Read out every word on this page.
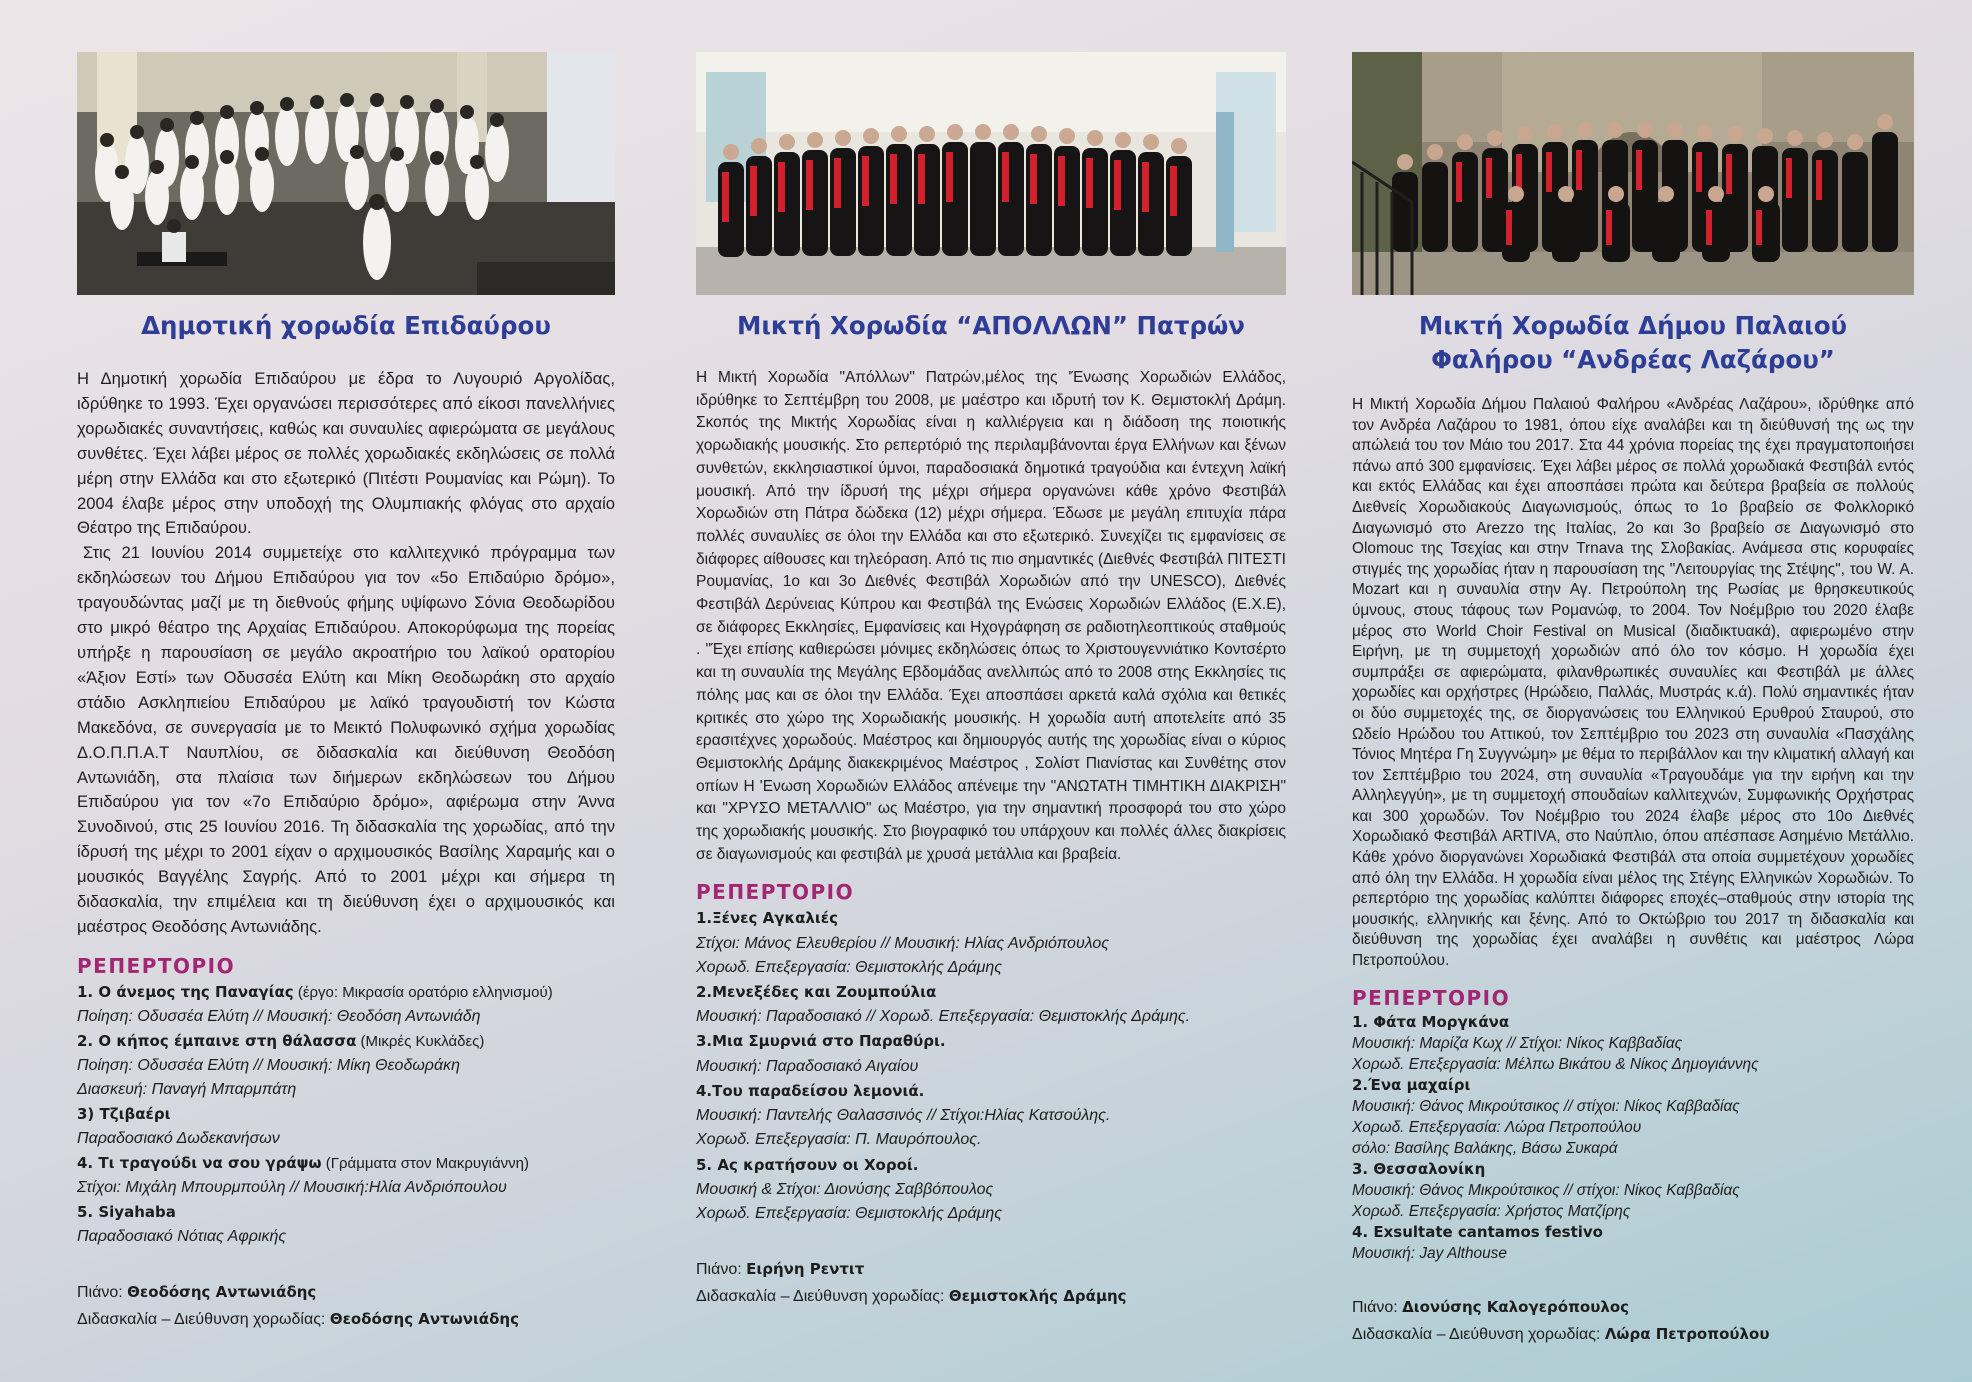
Δημοτική χορωδία Επιδαύρου

Η Δημοτική χορωδία Επιδαύρου με έδρα το Λυγουριό Αργολίδας, ιδρύθηκε το 1993. Έχει οργανώσει περισσότερες από είκοσι πανελλήνιες χορωδιακές συναντήσεις, καθώς και συναυλίες αφιερώματα σε μεγάλους συνθέτες. Έχει λάβει μέρος σε πολλές χορωδιακές εκδηλώσεις σε πολλά μέρη στην Ελλάδα και στο εξωτερικό (Πιτέστι Ρουμανίας και Ρώμη). Το 2004 έλαβε μέρος στην υποδοχή της Ολυμπιακής φλόγας στο αρχαίο Θέατρο της Επιδαύρου.

Στις 21 Ιουνίου 2014 συμμετείχε στο καλλιτεχνικό πρόγραμμα των εκδηλώσεων του Δήμου Επιδαύρου για τον «5ο Επιδαύριο δρόμο», τραγουδώντας μαζί με τη διεθνούς φήμης υψίφωνο Σόνια Θεοδωρίδου στο μικρό θέατρο της Αρχαίας Επιδαύρου. Αποκορύφωμα της πορείας υπήρξε η παρουσίαση σε μεγάλο ακροατήριο του λαϊκού ορατορίου «Άξιον Εστί» των Οδυσσέα Ελύτη και Μίκη Θεοδωράκη στο αρχαίο στάδιο Ασκληπιείου Επιδαύρου με λαϊκό τραγουδιστή τον Κώστα Μακεδόνα, σε συνεργασία με το Μεικτό Πολυφωνικό σχήμα χορωδίας Δ.Ο.Π.Π.Α.Τ Ναυπλίου, σε διδασκαλία και διεύθυνση Θεοδόση Αντωνιάδη, στα πλαίσια των διήμερων εκδηλώσεων του Δήμου Επιδαύρου για τον «7ο Επιδαύριο δρόμο», αφιέρωμα στην Άννα Συνοδινού, στις 25 Ιουνίου 2016. Τη διδασκαλία της χορωδίας, από την ίδρυσή της μέχρι το 2001 είχαν ο αρχιμουσικός Βασίλης Χαραμής και ο μουσικός Βαγγέλης Σαγρής. Από το 2001 μέχρι και σήμερα τη διδασκαλία, την επιμέλεια και τη διεύθυνση έχει ο αρχιμουσικός και μαέστρος Θεοδόσης Αντωνιάδης.

ΡΕΠΕΡΤΟΡΙΟ
1. Ο άνεμος της Παναγίας (έργο: Μικρασία ορατόριο ελληνισμού)
Ποίηση: Οδυσσέα Ελύτη // Μουσική: Θεοδόση Αντωνιάδη
2. Ο κήπος έμπαινε στη θάλασσα (Μικρές Κυκλάδες)
Ποίηση: Οδυσσέα Ελύτη // Μουσική: Μίκη Θεοδωράκη
Διασκευή: Παναγή Μπαρμπάτη
3) Τζιβαέρι
Παραδοσιακό Δωδεκανήσων
4. Τι τραγούδι να σου γράψω (Γράμματα στον Μακρυγιάννη)
Στίχοι: Μιχάλη Μπουρμπούλη // Μουσική:Ηλία Ανδριόπουλου
5. Siyahaba
Παραδοσιακό Νότιας Αφρικής
Πιάνο: Θεοδόσης Αντωνιάδης
Διδασκαλία – Διεύθυνση χορωδίας: Θεοδόσης Αντωνιάδης
Μικτή Χορωδία “ΑΠΟΛΛΩΝ” Πατρών

Η Μικτή Χορωδία "Απόλλων" Πατρών,μέλος της 'Ένωσης Χορωδιών Ελλάδος, ιδρύθηκε το Σεπτέμβρη του 2008, με μαέστρο και ιδρυτή τον Κ. Θεμιστοκλή Δράμη. Σκοπός της Μικτής Χορωδίας είναι η καλλιέργεια και η διάδοση της ποιοτικής χορωδιακής μουσικής. Στο ρεπερτόριό της περιλαμβάνονται έργα Ελλήνων και ξένων συνθετών, εκκλησιαστικοί ύμνοι, παραδοσιακά δημοτικά τραγούδια και έντεχνη λαϊκή μουσική. Από την ίδρυσή της μέχρι σήμερα οργανώνει κάθε χρόνο Φεστιβάλ Χορωδιών στη Πάτρα δώδεκα (12) μέχρι σήμερα. Έδωσε με μεγάλη επιτυχία πάρα πολλές συναυλίες σε όλοι την Ελλάδα και στο εξωτερικό. Συνεχίζει τις εμφανίσεις σε διάφορες αίθουσες και τηλεόραση. Από τις πιο σημαντικές (Διεθνές Φεστιβάλ ΠΙΤΕΣΤΙ Ρουμανίας, 1ο και 3ο Διεθνές Φεστιβάλ Χορωδιών από την UNESCO), Διεθνές Φεστιβάλ Δερύνειας Κύπρου και Φεστιβάλ της Ενώσεις Χορωδιών Ελλάδος (Ε.Χ.Ε), σε διάφορες Εκκλησίες, Εμφανίσεις και Ηχογράφηση σε ραδιοτηλεοπτικούς σταθμούς . "Έχει επίσης καθιερώσει μόνιμες εκδηλώσεις όπως το Χριστουγεννιάτικο Κοντσέρτο και τη συναυλία της Μεγάλης Εβδομάδας ανελλιπώς από το 2008 στης Εκκλησίες τις πόλης μας και σε όλοι την Ελλάδα. Έχει αποσπάσει αρκετά καλά σχόλια και θετικές κριτικές στο χώρο της Χορωδιακής μουσικής. Η χορωδία αυτή αποτελείτε από 35 ερασιτέχνες χορωδούς. Μαέστρος και δημιουργός αυτής της χορωδίας είναι ο κύριος Θεμιστοκλής Δράμης διακεκριμένος Μαέστρος , Σολίστ Πιανίστας και Συνθέτης στον οπίων Η 'Ενωση Χορωδιών Ελλάδος απένειμε την "ΑΝΩΤΑΤΗ ΤΙΜΗΤΙΚΗ ΔΙΑΚΡΙΣΗ" και "ΧΡΥΣΟ ΜΕΤΑΛΛΙΟ" ως Μαέστρο, για την σημαντική προσφορά του στο χώρο της χορωδιακής μουσικής. Στο βιογραφικό του υπάρχουν και πολλές άλλες διακρίσεις σε διαγωνισμούς και φεστιβάλ με χρυσά μετάλλια και βραβεία.

ΡΕΠΕΡΤΟΡΙΟ
1.Ξένες Αγκαλιές
Στίχοι: Μάνος Ελευθερίου // Μουσική: Ηλίας Ανδριόπουλος
Χορωδ. Επεξεργασία: Θεμιστοκλής Δράμης
2.Μενεξέδες και Ζουμπούλια
Μουσική: Παραδοσιακό // Χορωδ. Επεξεργασία: Θεμιστοκλής Δράμης.
3.Μια Σμυρνιά στο Παραθύρι.
Μουσική: Παραδοσιακό Αιγαίου
4.Του παραδείσου λεμονιά.
Μουσική: Παντελής Θαλασσινός // Στίχοι:Ηλίας Κατσούλης.
Χορωδ. Επεξεργασία: Π. Μαυρόπουλος.
5. Ας κρατήσουν οι Χοροί.
Μουσική & Στίχοι: Διονύσης Σαββόπουλος
Χορωδ. Επεξεργασία: Θεμιστοκλής Δράμης
Πιάνο: Ειρήνη Ρεντιτ
Διδασκαλία – Διεύθυνση χορωδίας: Θεμιστοκλής Δράμης
Μικτή Χορωδία Δήμου Παλαιού
Φαλήρου “Ανδρέας Λαζάρου”

Η Μικτή Χορωδία Δήμου Παλαιού Φαλήρου «Ανδρέας Λαζάρου», ιδρύθηκε από τον Ανδρέα Λαζάρου το 1981, όπου είχε αναλάβει και τη διεύθυνσή της ως την απώλειά του τον Μάιο του 2017. Στα 44 χρόνια πορείας της έχει πραγματοποιήσει πάνω από 300 εμφανίσεις. Έχει λάβει μέρος σε πολλά χορωδιακά Φεστιβάλ εντός και εκτός Ελλάδας και έχει αποσπάσει πρώτα και δεύτερα βραβεία σε πολλούς Διεθνείς Χορωδιακούς Διαγωνισμούς, όπως το 1ο βραβείο σε Φολκλορικό Διαγωνισμό στο Arezzo της Ιταλίας, 2ο και 3ο βραβείο σε Διαγωνισμό στο Olomouc της Τσεχίας και στην Trnava της Σλοβακίας. Ανάμεσα στις κορυφαίες στιγμές της χορωδίας ήταν η παρουσίαση της "Λειτουργίας της Στέψης", του W. A. Mozart και η συναυλία στην Αγ. Πετρούπολη της Ρωσίας με θρησκευτικούς ύμνους, στους τάφους των Ρομανώφ, το 2004. Τον Νοέμβριο του 2020 έλαβε μέρος στο World Choir Festival on Musical (διαδικτυακά), αφιερωμένο στην Ειρήνη, με τη συμμετοχή χορωδιών από όλο τον κόσμο. Η χορωδία έχει συμπράξει σε αφιερώματα, φιλανθρωπικές συναυλίες και Φεστιβάλ με άλλες χορωδίες και ορχήστρες (Ηρώδειο, Παλλάς, Μυστράς κ.ά). Πολύ σημαντικές ήταν οι δύο συμμετοχές της, σε διοργανώσεις του Ελληνικού Ερυθρού Σταυρού, στο Ωδείο Ηρώδου του Αττικού, τον Σεπτέμβριο του 2023 στη συναυλία «Πασχάλης Τόνιος Μητέρα Γη Συγγνώμη» με θέμα το περιβάλλον και την κλιματική αλλαγή και τον Σεπτέμβριο του 2024, στη συναυλία «Τραγουδάμε για την ειρήνη και την Αλληλεγγύη», με τη συμμετοχή σπουδαίων καλλιτεχνών, Συμφωνικής Ορχήστρας και 300 χορωδών. Τον Νοέμβριο του 2024 έλαβε μέρος στο 10ο Διεθνές Χορωδιακό Φεστιβάλ ARTIVA, στο Ναύπλιο, όπου απέσπασε Ασημένιο Μετάλλιο. Κάθε χρόνο διοργανώνει Χορωδιακά Φεστιβάλ στα οποία συμμετέχουν χορωδίες από όλη την Ελλάδα. Η χορωδία είναι μέλος της Στέγης Ελληνικών Χορωδιών. Το ρεπερτόριο της χορωδίας καλύπτει διάφορες εποχές–σταθμούς στην ιστορία της μουσικής, ελληνικής και ξένης. Από το Οκτώβριο του 2017 τη διδασκαλία και διεύθυνση της χορωδίας έχει αναλάβει η συνθέτις και μαέστρος Λώρα Πετροπούλου.

ΡΕΠΕΡΤΟΡΙΟ
1. Φάτα Μοργκάνα
Μουσική: Μαρίζα Κωχ // Στίχοι: Νίκος Καββαδίας
Χορωδ. Επεξεργασία: Μέλπω Βικάτου & Νίκος Δημογιάννης
2.Ένα μαχαίρι
Μουσική: Θάνος Μικρούτσικος // στίχοι: Νίκος Καββαδίας
Χορωδ. Επεξεργασία: Λώρα Πετροπούλου
σόλο: Βασίλης Βαλάκης, Βάσω Συκαρά
3. Θεσσαλονίκη
Μουσική: Θάνος Μικρούτσικος // στίχοι: Νίκος Καββαδίας
Χορωδ. Επεξεργασία: Χρήστος Ματζίρης
4. Exsultate cantamos festivo
Μουσική: Jay Althouse
Πιάνο: Διονύσης Καλογερόπουλος
Διδασκαλία – Διεύθυνση χορωδίας: Λώρα Πετροπούλου
